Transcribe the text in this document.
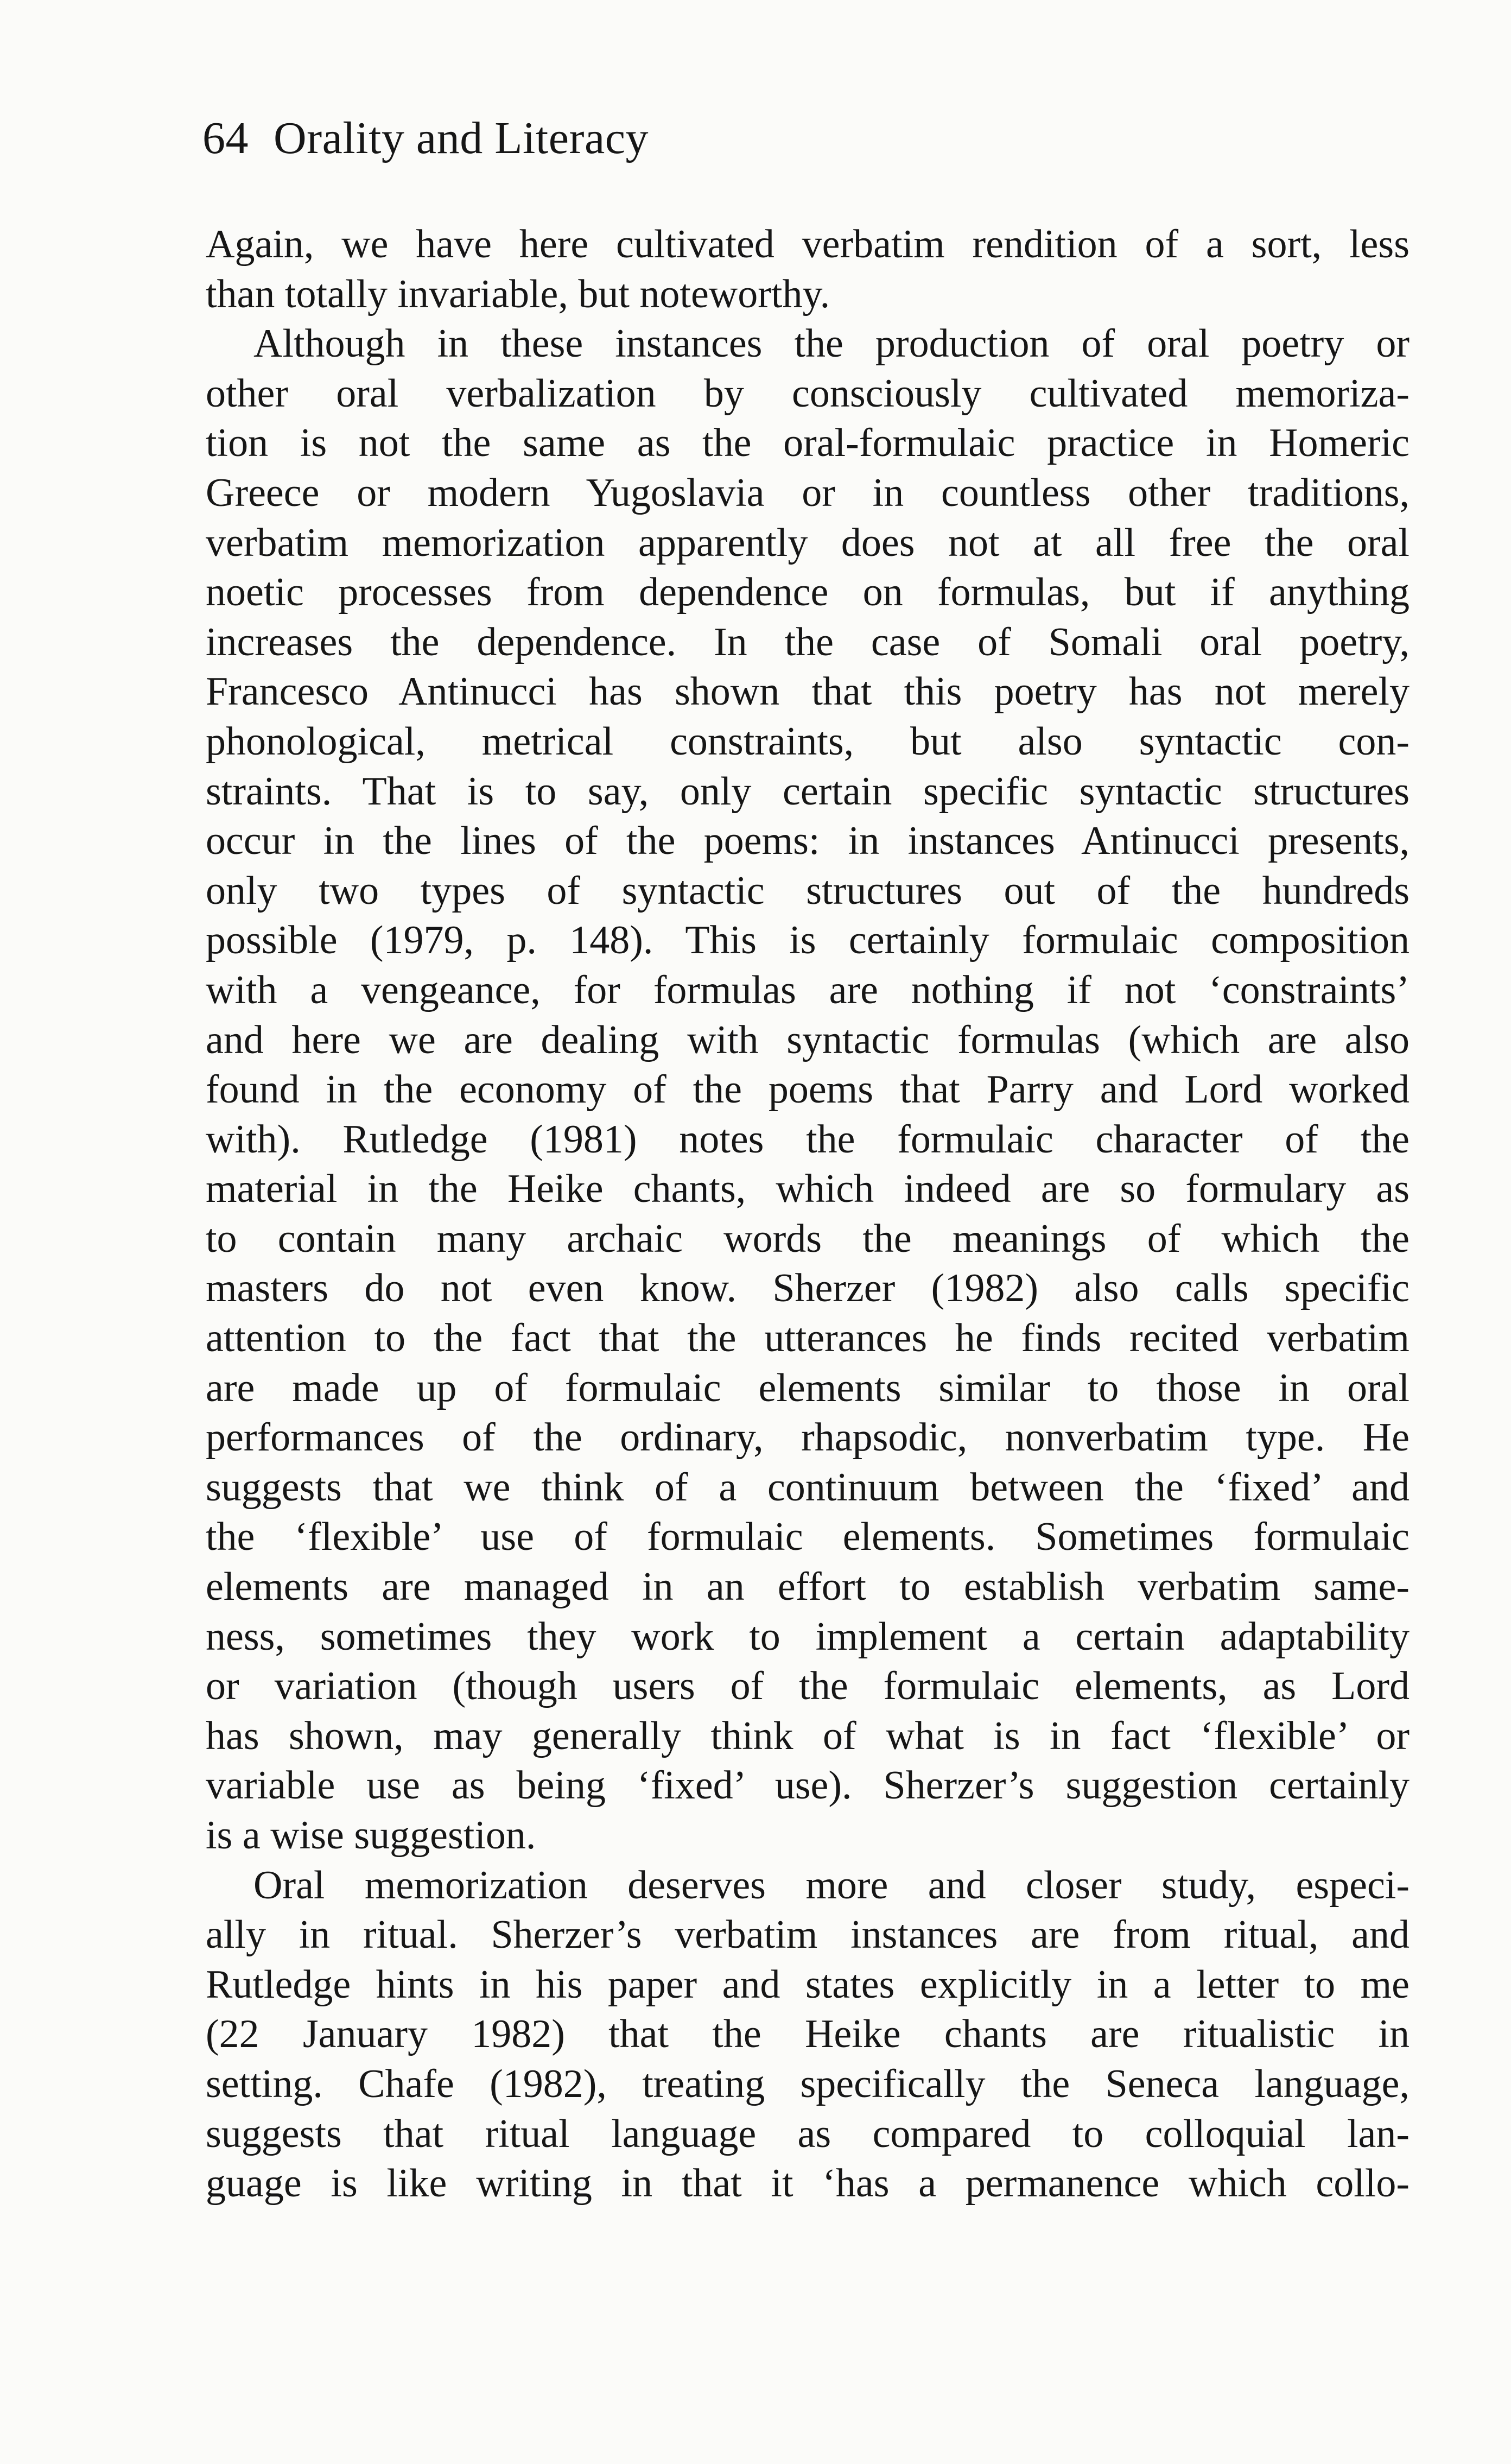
64 Orality and Literacy
Again, we have here cultivated verbatim rendition of a sort, less
than totally invariable, but noteworthy.
Although in these instances the production of oral poetry or
other oral verbalization by consciously cultivated memoriza-
tion is not the same as the oral-formulaic practice in Homeric
Greece or modern Yugoslavia or in countless other traditions,
verbatim memorization apparently does not at all free the oral
noetic processes from dependence on formulas, but if anything
increases the dependence. In the case of Somali oral poetry,
Francesco Antinucci has shown that this poetry has not merely
phonological, metrical constraints, but also syntactic con-
straints. That is to say, only certain specific syntactic structures
occur in the lines of the poems: in instances Antinucci presents,
only two types of syntactic structures out of the hundreds
possible (1979, p. 148). This is certainly formulaic composition
with a vengeance, for formulas are nothing if not ‘constraints’
and here we are dealing with syntactic formulas (which are also
found in the economy of the poems that Parry and Lord worked
with). Rutledge (1981) notes the formulaic character of the
material in the Heike chants, which indeed are so formulary as
to contain many archaic words the meanings of which the
masters do not even know. Sherzer (1982) also calls specific
attention to the fact that the utterances he finds recited verbatim
are made up of formulaic elements similar to those in oral
performances of the ordinary, rhapsodic, nonverbatim type. He
suggests that we think of a continuum between the ‘fixed’ and
the ‘flexible’ use of formulaic elements. Sometimes formulaic
elements are managed in an effort to establish verbatim same-
ness, sometimes they work to implement a certain adaptability
or variation (though users of the formulaic elements, as Lord
has shown, may generally think of what is in fact ‘flexible’ or
variable use as being ‘fixed’ use). Sherzer’s suggestion certainly
is a wise suggestion.
Oral memorization deserves more and closer study, especi-
ally in ritual. Sherzer’s verbatim instances are from ritual, and
Rutledge hints in his paper and states explicitly in a letter to me
(22 January 1982) that the Heike chants are ritualistic in
setting. Chafe (1982), treating specifically the Seneca language,
suggests that ritual language as compared to colloquial lan-
guage is like writing in that it ‘has a permanence which collo-
